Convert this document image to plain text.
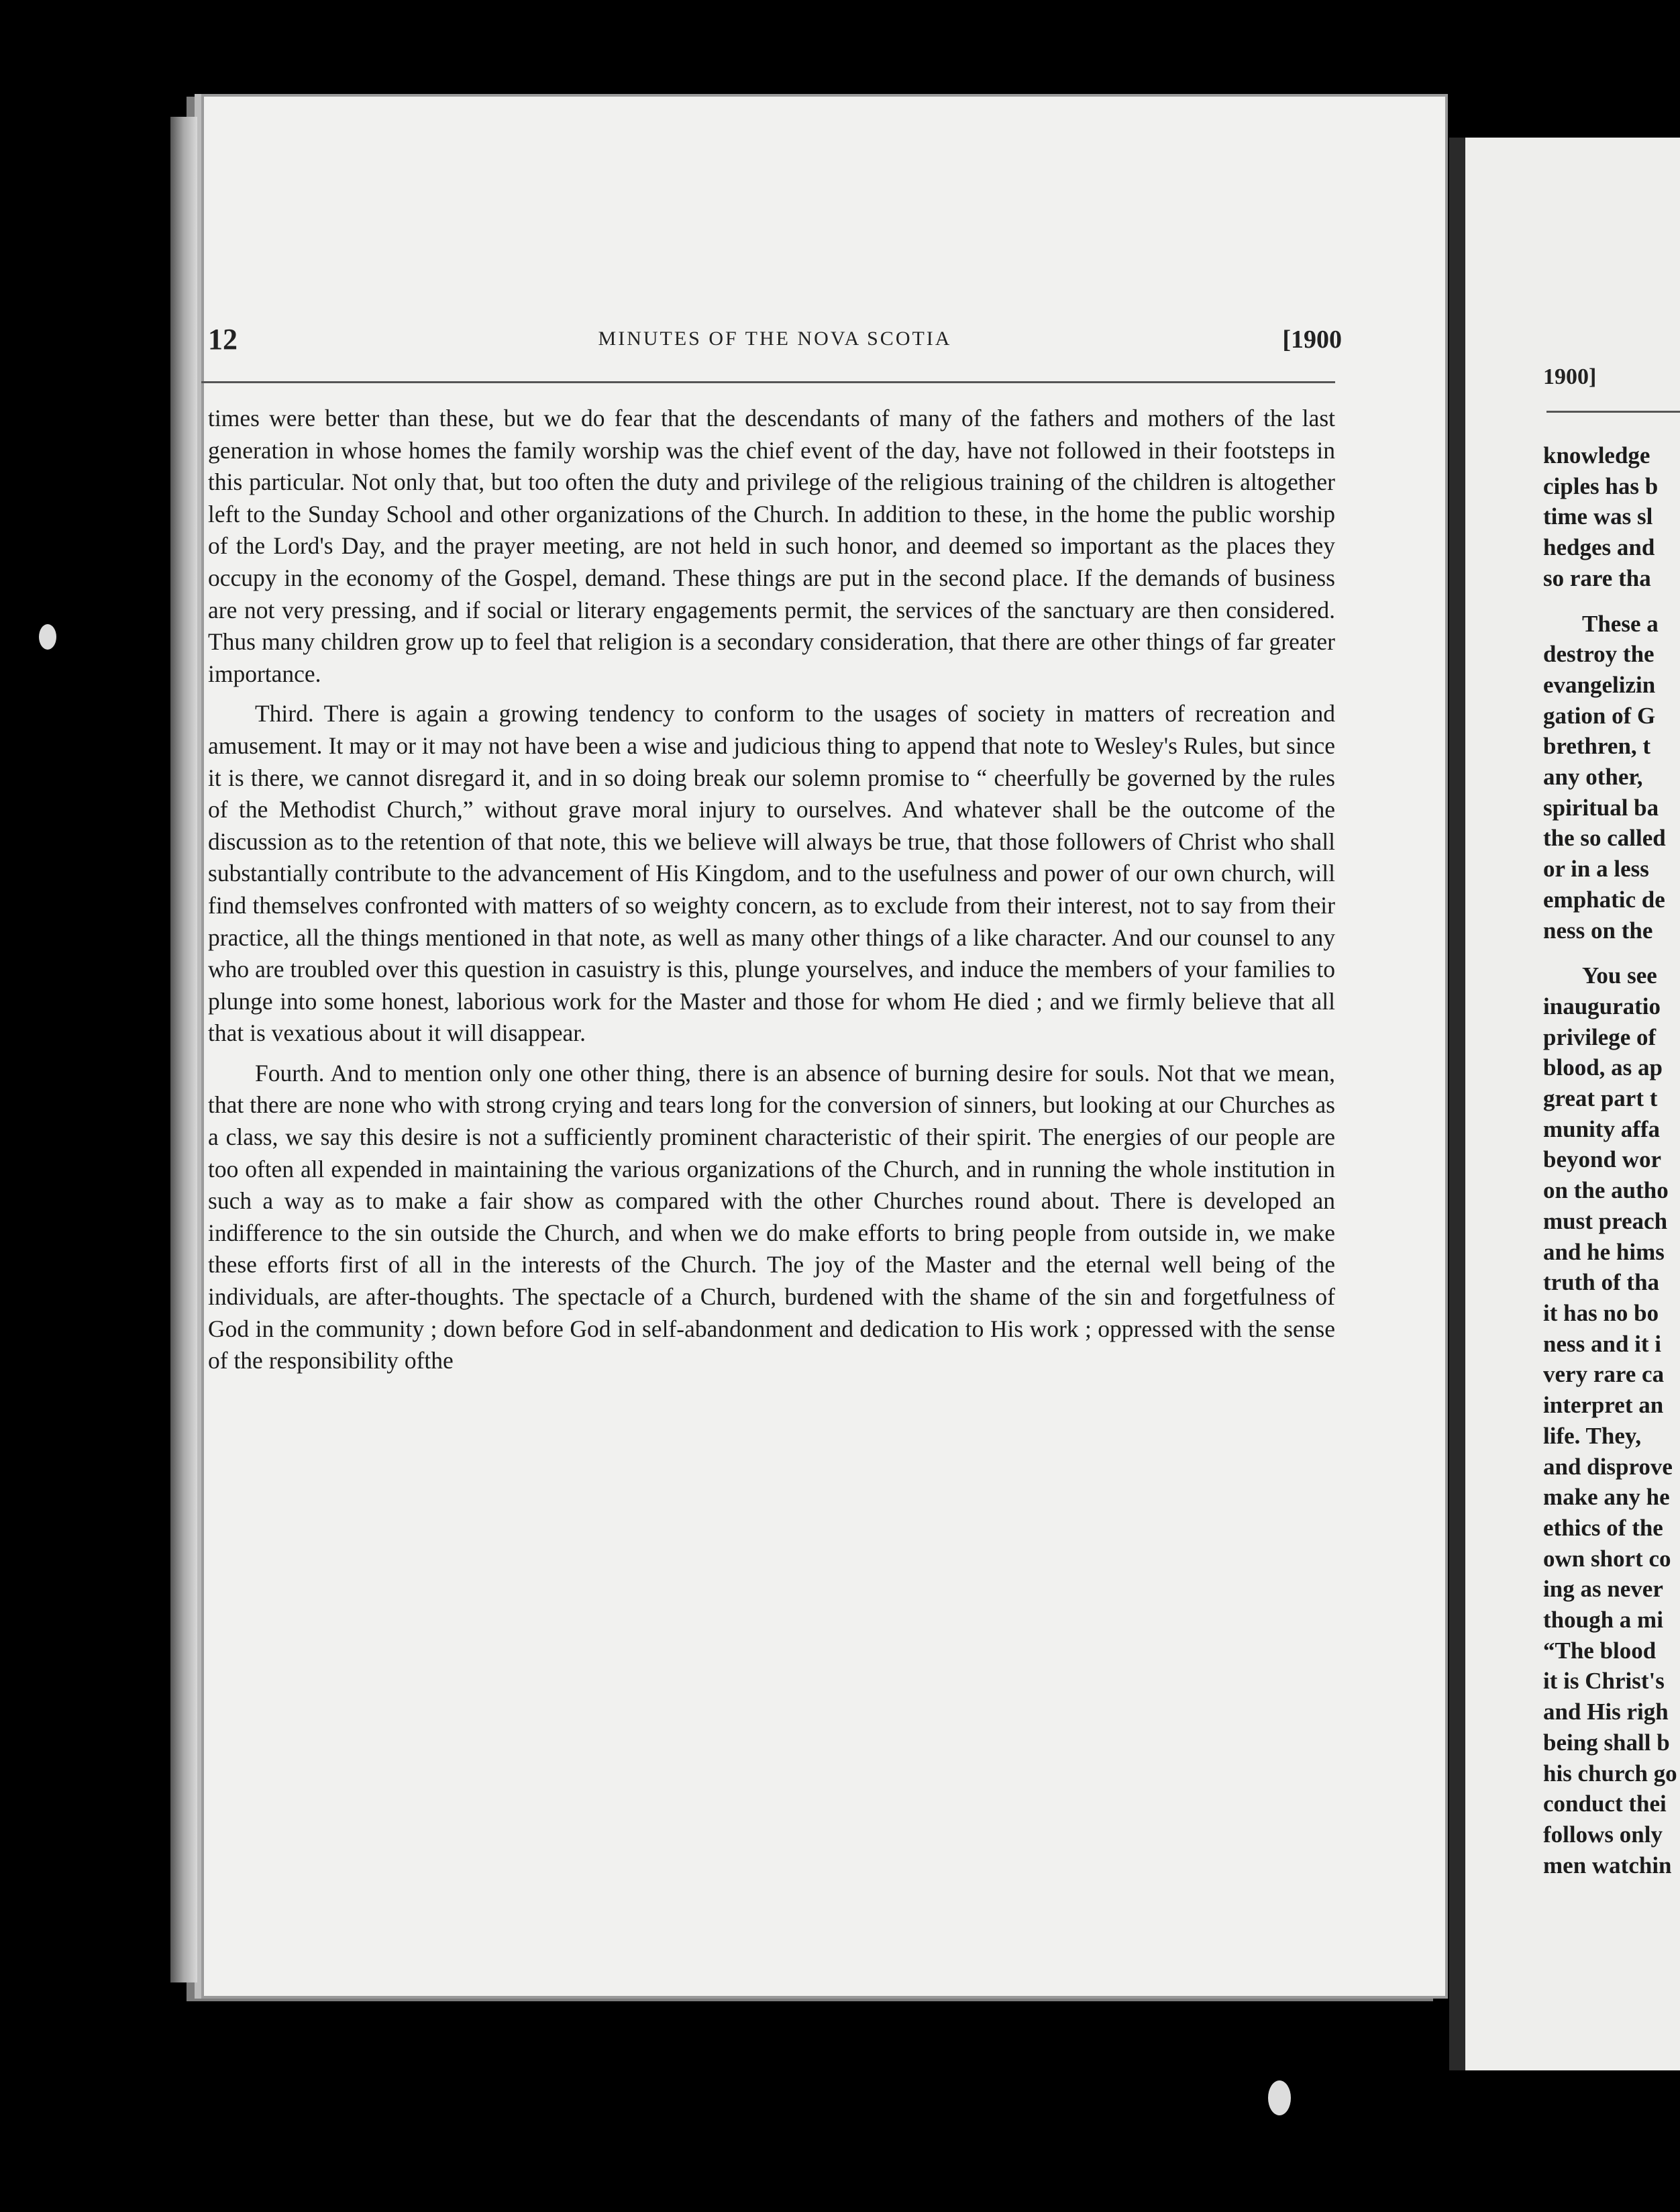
12	MINUTES OF THE NOVA SCOTIA	[1900

times were better than these, but we do fear that the descendants of many of the fathers and mothers of the last generation in whose homes the family worship was the chief event of the day, have not followed in their footsteps in this particular. Not only that, but too often the duty and privilege of the religious training of the children is altogether left to the Sunday School and other organizations of the Church. In addition to these, in the home the public worship of the Lord's Day, and the prayer meeting, are not held in such honor, and deemed so important as the places they occupy in the economy of the Gospel, demand. These things are put in the second place. If the demands of business are not very pressing, and if social or literary engagements permit, the services of the sanctuary are then considered. Thus many children grow up to feel that religion is a secondary consideration, that there are other things of far greater importance.

Third. There is again a growing tendency to conform to the usages of society in matters of recreation and amusement. It may or it may not have been a wise and judicious thing to append that note to Wesley's Rules, but since it is there, we cannot disregard it, and in so doing break our solemn promise to “ cheerfully be governed by the rules of the Methodist Church,” without grave moral injury to ourselves. And whatever shall be the outcome of the discussion as to the retention of that note, this we believe will always be true, that those followers of Christ who shall substantially contribute to the advancement of His Kingdom, and to the usefulness and power of our own church, will find themselves confronted with matters of so weighty concern, as to exclude from their interest, not to say from their practice, all the things mentioned in that note, as well as many other things of a like character. And our counsel to any who are troubled over this question in casuistry is this, plunge yourselves, and induce the members of your families to plunge into some honest, laborious work for the Master and those for whom He died ; and we firmly believe that all that is vexatious about it will disappear.

Fourth. And to mention only one other thing, there is an absence of burning desire for souls. Not that we mean, that there are none who with strong crying and tears long for the conversion of sinners, but looking at our Churches as a class, we say this desire is not a sufficiently prominent characteristic of their spirit. The energies of our people are too often all expended in maintaining the various organizations of the Church, and in running the whole institution in such a way as to make a fair show as compared with the other Churches round about. There is developed an indifference to the sin outside the Church, and when we do make efforts to bring people from outside in, we make these efforts first of all in the interests of the Church. The joy of the Master and the eternal well being of the individuals, are after-thoughts. The spectacle of a Church, burdened with the shame of the sin and forgetfulness of God in the community ; down before God in self-abandonment and dedication to His work ; oppressed with the sense of the responsibility ofthe

1900]
knowledge
ciples has b
time was sl
hedges and
so rare tha
These a
destroy the
evangelizin
gation of G
brethren, t
any other,
spiritual ba
the so called
or in a less
emphatic de
ness on the
You see
inauguratio
privilege of
blood, as ap
great part t
munity affa
beyond wor
on the autho
must preach
and he hims
truth of tha
it has no bo
ness and it i
very rare ca
interpret an
life. They,
and disprove
make any he
ethics of the
own short co
ing as never
though a mi
“The blood
it is Christ's
and His righ
being shall b
his church go
conduct thei
follows only
men watchin
